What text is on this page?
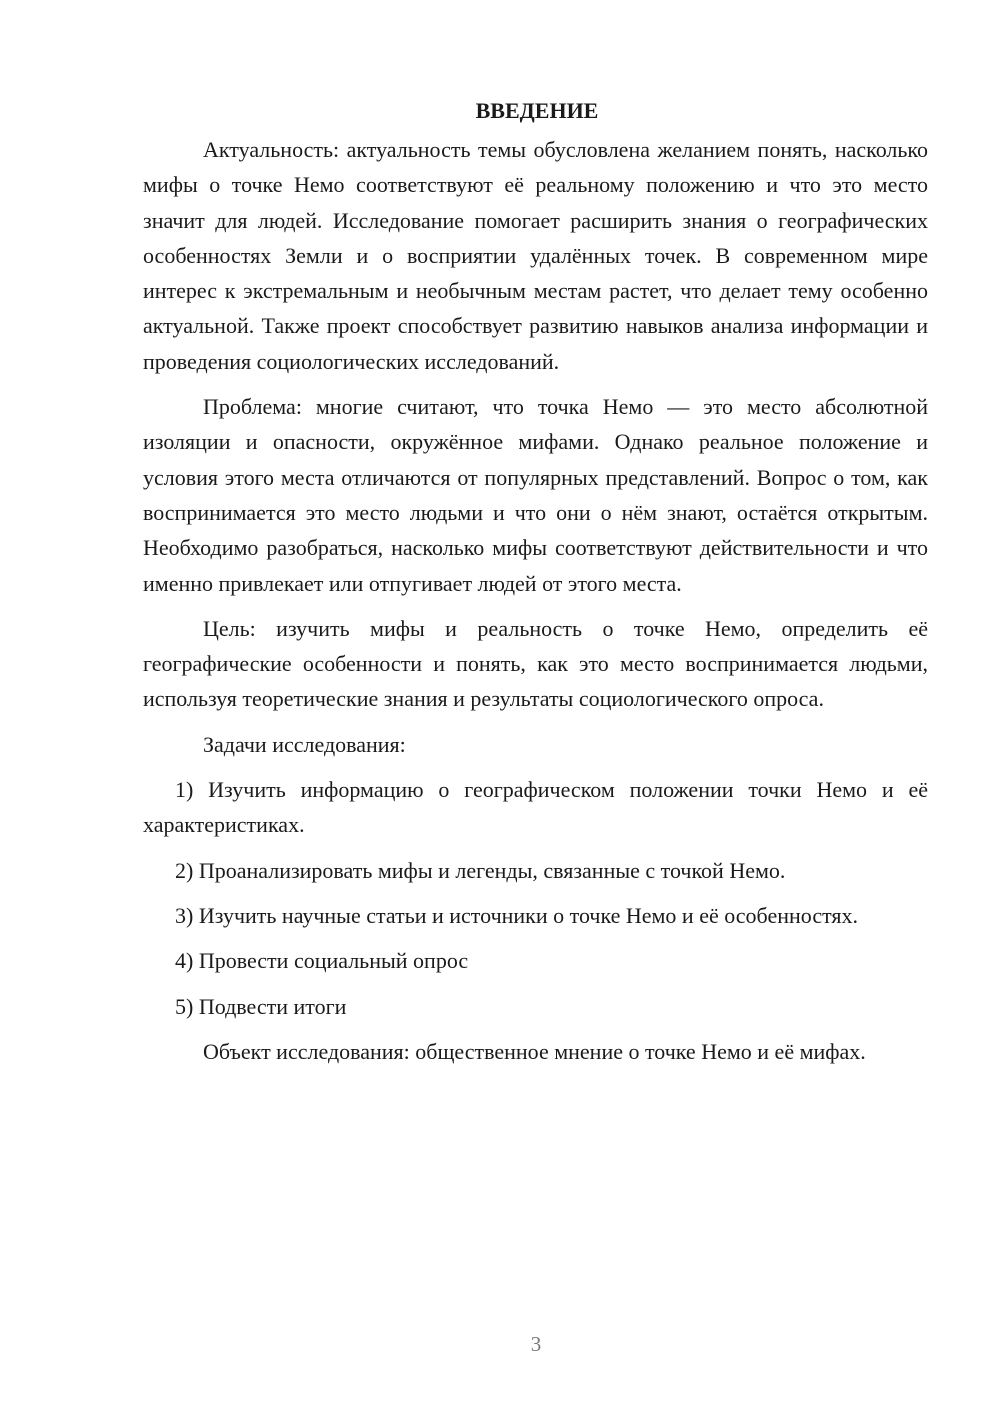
ВВЕДЕНИЕ

Актуальность: актуальность темы обусловлена желанием понять, насколько мифы о точке Немо соответствуют её реальному положению и что это место значит для людей. Исследование помогает расширить знания о географических особенностях Земли и о восприятии удалённых точек. В современном мире интерес к экстремальным и необычным местам растет, что делает тему особенно актуальной. Также проект способствует развитию навыков анализа информации и проведения социологических исследований.

Проблема: многие считают, что точка Немо — это место абсолютной изоляции и опасности, окружённое мифами. Однако реальное положение и условия этого места отличаются от популярных представлений. Вопрос о том, как воспринимается это место людьми и что они о нём знают, остаётся открытым. Необходимо разобраться, насколько мифы соответствуют действительности и что именно привлекает или отпугивает людей от этого места.

Цель: изучить мифы и реальность о точке Немо, определить её географические особенности и понять, как это место воспринимается людьми, используя теоретические знания и результаты социологического опроса.

Задачи исследования:

1) Изучить информацию о географическом положении точки Немо и её характеристиках.

2) Проанализировать мифы и легенды, связанные с точкой Немо.

3) Изучить научные статьи и источники о точке Немо и её особенностях.

4) Провести социальный опрос

5) Подвести итоги

Объект исследования: общественное мнение о точке Немо и её мифах.

3
